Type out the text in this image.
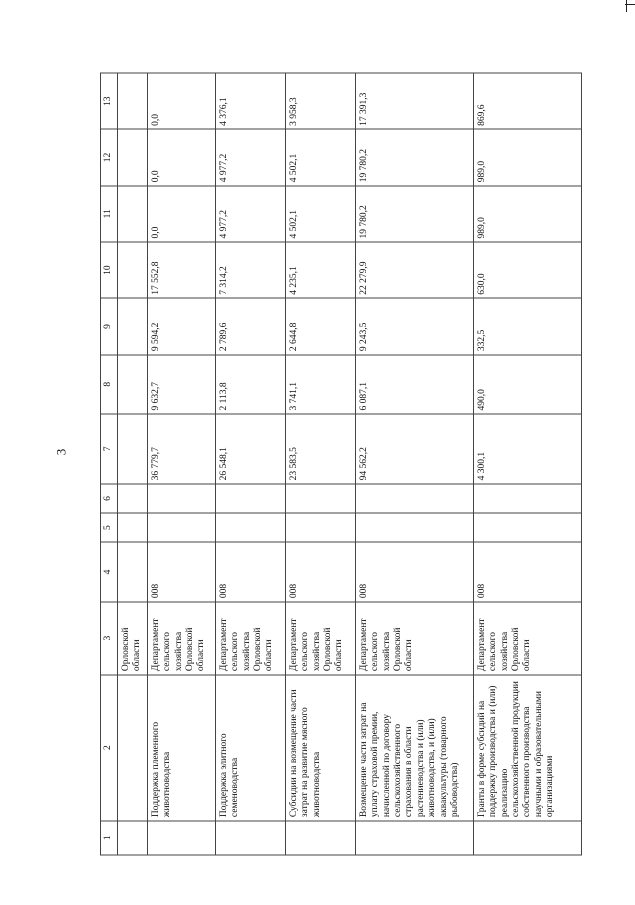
3
1	2	3	4	5	6	7	8	9	10	11	12	13
		Орловской области										
	Поддержка племенного животноводства	Департамент сельского хозяйства Орловской области	008			36 779,7	9 632,7	9 594,2	17 552,8	0,0	0,0	0,0
	Поддержка элитного семеноводства	Департамент сельского хозяйства Орловской области	008			26 548,1	2 113,8	2 789,6	7 314,2	4 977,2	4 977,2	4 376,1
	Субсидии на возмещение части затрат на развитие мясного животноводства	Департамент сельского хозяйства Орловской области	008			23 583,5	3 741,1	2 644,8	4 235,1	4 502,1	4 502,1	3 958,3
	Возмещение части затрат на уплату страховой премии, начисленной по договору сельскохозяйственного страхования в области растениеводства и (или) животноводства, и (или) аквакультуры (товарного рыбоводства)	Департамент сельского хозяйства Орловской области	008			94 562,2	6 087,1	9 243,5	22 279,9	19 780,2	19 780,2	17 391,3
	Гранты в форме субсидий на поддержку производства и (или) реализацию сельскохозяйственной продукции собственного производства научными и образовательными организациями	Департамент сельского хозяйства Орловской области	008			4 300,1	490,0	332,5	630,0	989,0	989,0	869,6
